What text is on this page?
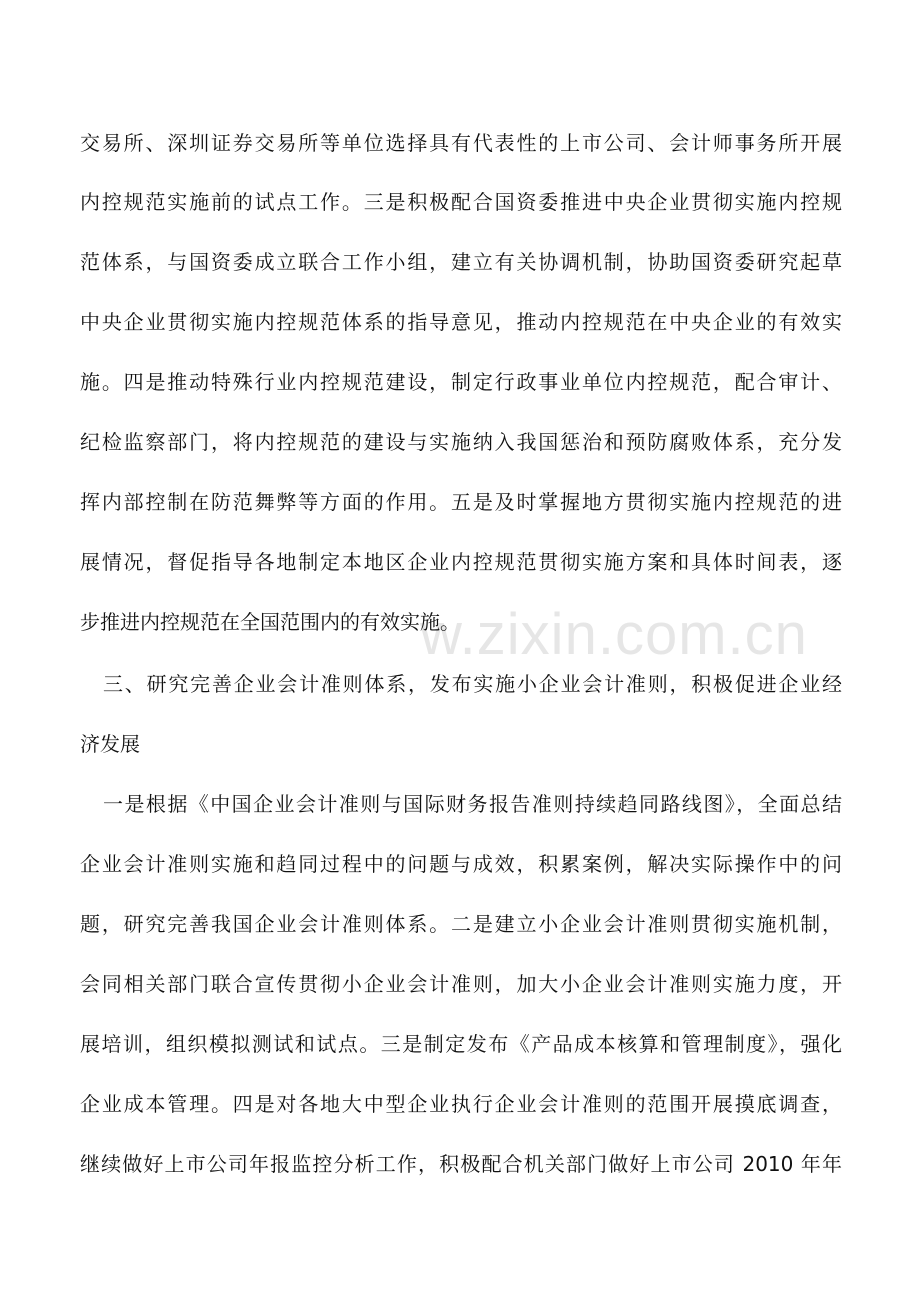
w.zixin.com.cn
交易所、深圳证券交易所等单位选择具有代表性的上市公司、会计师事务所开展
内控规范实施前的试点工作。三是积极配合国资委推进中央企业贯彻实施内控规
范体系，与国资委成立联合工作小组，建立有关协调机制，协助国资委研究起草
中央企业贯彻实施内控规范体系的指导意见，推动内控规范在中央企业的有效实
施。四是推动特殊行业内控规范建设，制定行政事业单位内控规范，配合审计、
纪检监察部门，将内控规范的建设与实施纳入我国惩治和预防腐败体系，充分发
挥内部控制在防范舞弊等方面的作用。五是及时掌握地方贯彻实施内控规范的进
展情况，督促指导各地制定本地区企业内控规范贯彻实施方案和具体时间表，逐
步推进内控规范在全国范围内的有效实施。
三、研究完善企业会计准则体系，发布实施小企业会计准则，积极促进企业经
济发展
一是根据《中国企业会计准则与国际财务报告准则持续趋同路线图》，全面总结
企业会计准则实施和趋同过程中的问题与成效，积累案例，解决实际操作中的问
题，研究完善我国企业会计准则体系。二是建立小企业会计准则贯彻实施机制，
会同相关部门联合宣传贯彻小企业会计准则，加大小企业会计准则实施力度，开
展培训，组织模拟测试和试点。三是制定发布《产品成本核算和管理制度》，强化
企业成本管理。四是对各地大中型企业执行企业会计准则的范围开展摸底调查，
继续做好上市公司年报监控分析工作，积极配合机关部门做好上市公司 2010 年年
